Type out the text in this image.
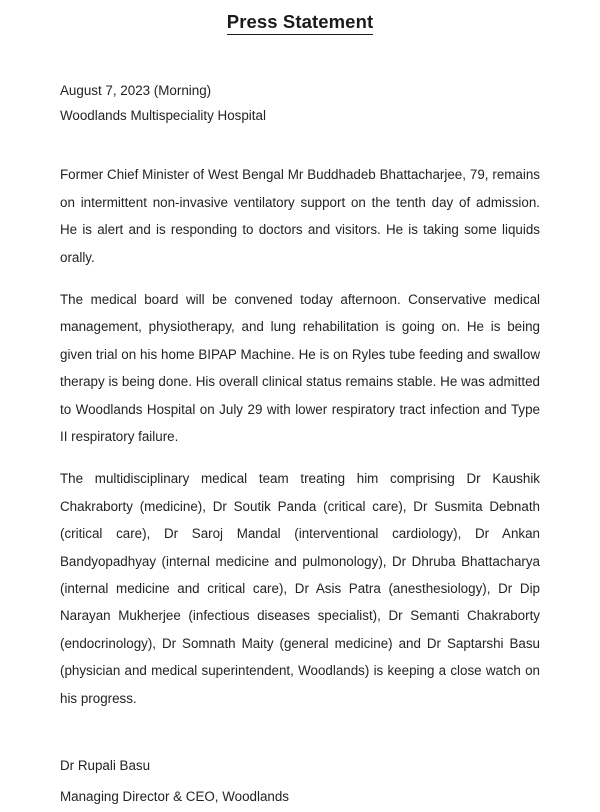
Press Statement
August 7, 2023 (Morning)
Woodlands Multispeciality Hospital

Former Chief Minister of West Bengal Mr Buddhadeb Bhattacharjee, 79, remains on intermittent non-invasive ventilatory support on the tenth day of admission. He is alert and is responding to doctors and visitors. He is taking some liquids orally.

The medical board will be convened today afternoon. Conservative medical management, physiotherapy, and lung rehabilitation is going on. He is being given trial on his home BIPAP Machine. He is on Ryles tube feeding and swallow therapy is being done. His overall clinical status remains stable. He was admitted to Woodlands Hospital on July 29 with lower respiratory tract infection and Type II respiratory failure.

The multidisciplinary medical team treating him comprising Dr Kaushik Chakraborty (medicine), Dr Soutik Panda (critical care), Dr Susmita Debnath (critical care), Dr Saroj Mandal (interventional cardiology), Dr Ankan Bandyopadhyay (internal medicine and pulmonology), Dr Dhruba Bhattacharya (internal medicine and critical care), Dr Asis Patra (anesthesiology), Dr Dip Narayan Mukherjee (infectious diseases specialist), Dr Semanti Chakraborty (endocrinology), Dr Somnath Maity (general medicine) and Dr Saptarshi Basu (physician and medical superintendent, Woodlands) is keeping a close watch on his progress.

Dr Rupali Basu
Managing Director & CEO, Woodlands
